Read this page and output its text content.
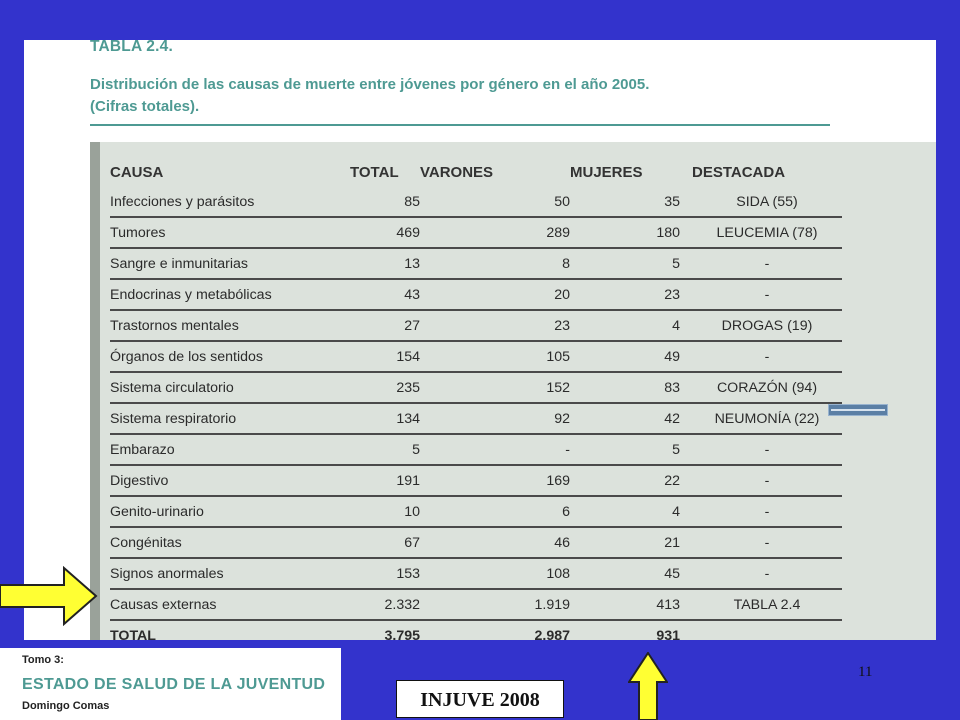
TABLA 2.4.
Distribución de las causas de muerte entre jóvenes por género en el año 2005.
(Cifras totales).
CAUSA	TOTAL	VARONES	MUJERES	DESTACADA
Infecciones y parásitos	85	50	35	SIDA (55)
Tumores	469	289	180	LEUCEMIA (78)
Sangre e inmunitarias	13	8	5	-
Endocrinas y metabólicas	43	20	23	-
Trastornos mentales	27	23	4	DROGAS (19)
Órganos de los sentidos	154	105	49	-
Sistema circulatorio	235	152	83	CORAZÓN (94)
Sistema respiratorio	134	92	42	NEUMONÍA (22)
Embarazo	5	-	5	-
Digestivo	191	169	22	-
Genito-urinario	10	6	4	-
Congénitas	67	46	21	-
Signos anormales	153	108	45	-
Causas externas	2.332	1.919	413	TABLA 2.4
TOTAL	3.795	2.987	931	
Tomo 3:
ESTADO DE SALUD DE LA JUVENTUD
Domingo Comas
11
INJUVE 2008
